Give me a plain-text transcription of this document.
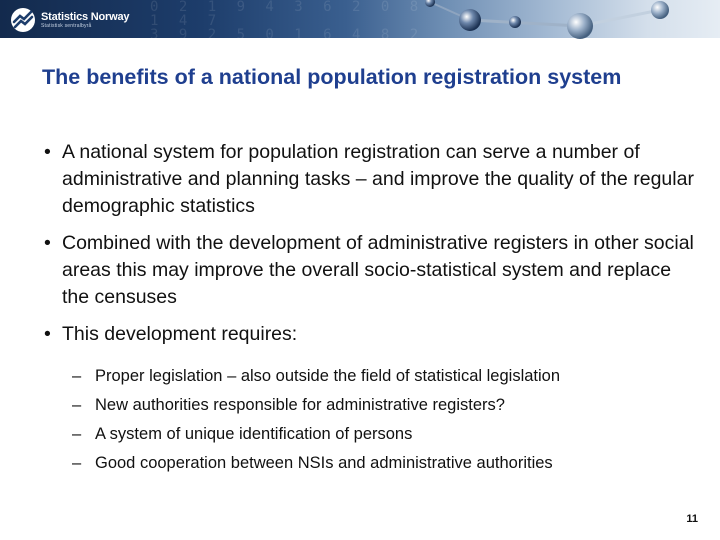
0 2 1 9 4 3 6 2 0 8 1 4 7
3 9 2 5 0 1 6 4 8 2 3 7
Statistics Norway
Statistisk sentralbyrå
The benefits of a national population registration system
• A national system for population registration can serve a number of administrative and planning tasks – and improve the quality of the regular demographic statistics
• Combined with the development of administrative registers in other social areas this may improve the overall socio-statistical system and replace the censuses
• This development requires:
– Proper legislation – also outside the field of statistical legislation
– New authorities responsible for administrative registers?
– A system of unique identification of persons
– Good cooperation between NSIs and administrative authorities
11
